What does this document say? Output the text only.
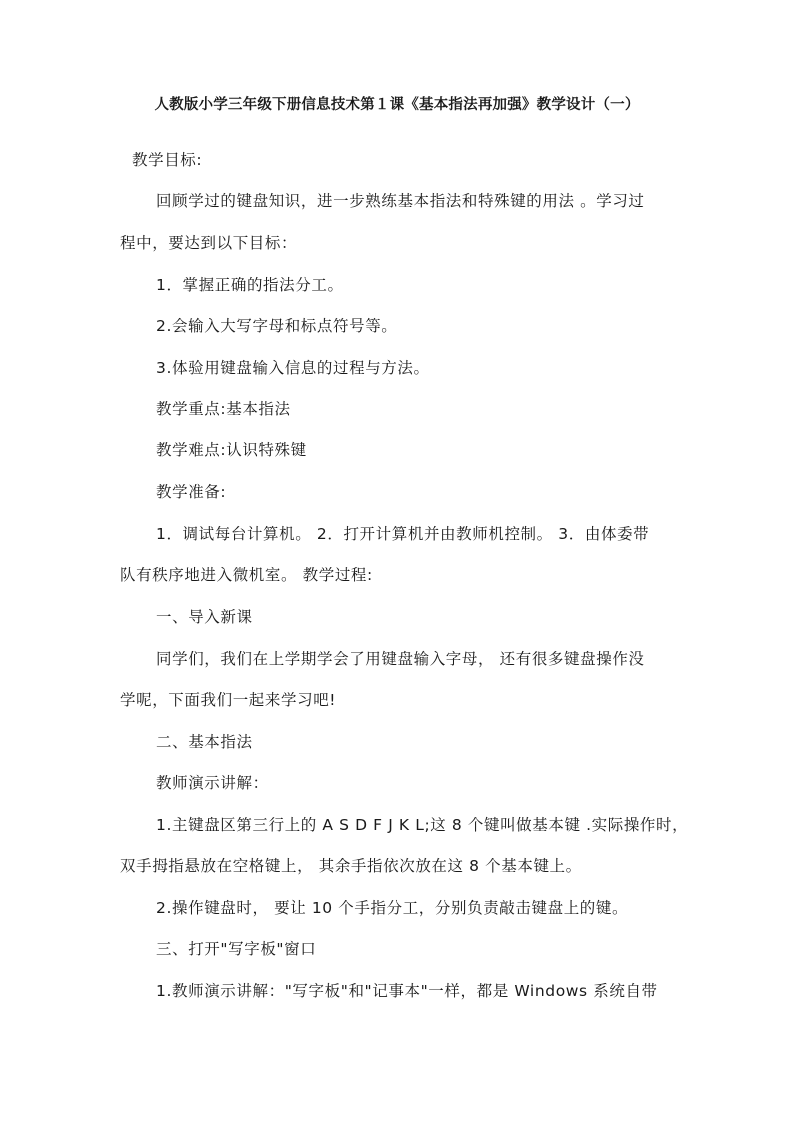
人教版小学三年级下册信息技术第１课《基本指法再加强》教学设计（一）
教学目标:
回顾学过的键盘知识，进一步熟练基本指法和特殊键的用法 。学习过
程中，要达到以下目标：
1．掌握正确的指法分工。
2.会输入大写字母和标点符号等。
3.体验用键盘输入信息的过程与方法。
教学重点:基本指法
教学难点:认识特殊键
教学准备:
1．调试每台计算机。 2．打开计算机并由教师机控制。 3．由体委带
队有秩序地进入微机室。 教学过程:
一、导入新课
同学们，我们在上学期学会了用键盘输入字母， 还有很多键盘操作没
学呢，下面我们一起来学习吧!
二、基本指法
教师演示讲解：
1.主键盘区第三行上的 A S D F J K L;这 8 个键叫做基本键 .实际操作时，
双手拇指悬放在空格键上， 其余手指依次放在这 8 个基本键上。
2.操作键盘时， 要让 10 个手指分工，分别负责敲击键盘上的键。
三、打开"写字板"窗口
1.教师演示讲解："写字板"和"记事本"一样，都是 Windows 系统自带
